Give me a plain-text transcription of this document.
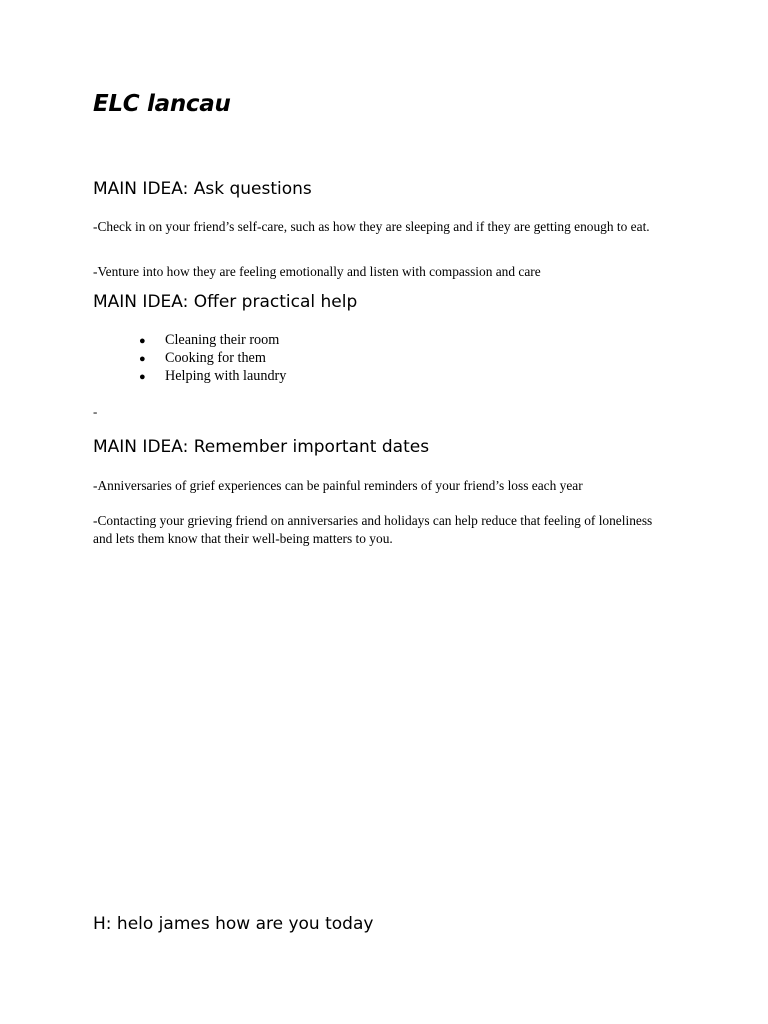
ELC lancau
MAIN IDEA: Ask questions

-Check in on your friend’s self-care, such as how they are sleeping and if they are getting enough to eat.

-Venture into how they are feeling emotionally and listen with compassion and care

MAIN IDEA: Offer practical help
●	Cleaning their room
●	Cooking for them
●	Helping with laundry

-

MAIN IDEA: Remember important dates

-Anniversaries of grief experiences can be painful reminders of your friend’s loss each year

-Contacting your grieving friend on anniversaries and holidays can help reduce that feeling of loneliness and lets them know that their well-being matters to you.

H: helo james how are you today
